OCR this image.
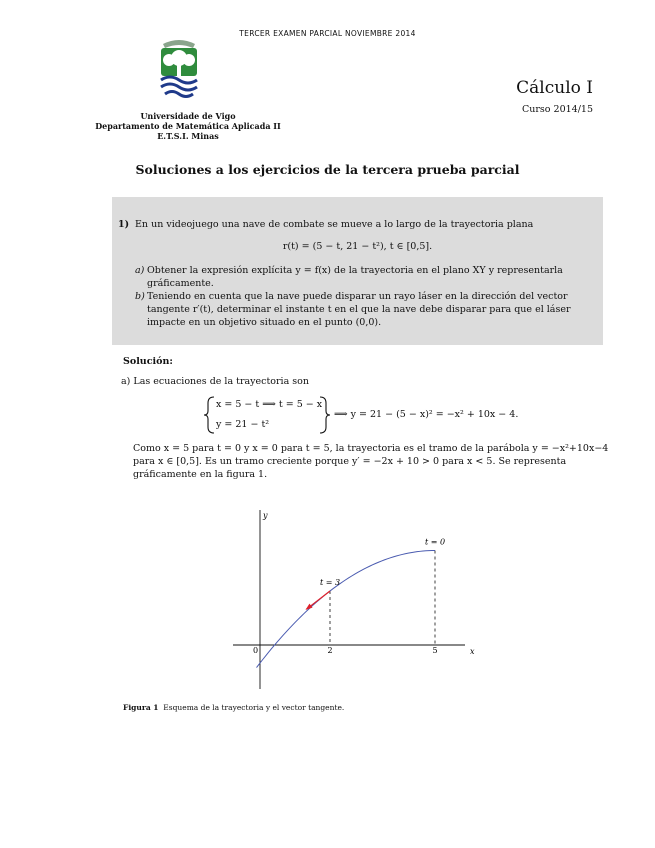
TERCER EXAMEN PARCIAL NOVIEMBRE 2014
Universidade de Vigo
Departamento de Matemática Aplicada II
E.T.S.I. Minas
Cálculo I
Curso 2014/15
Soluciones a los ejercicios de la tercera prueba parcial
1) En un videojuego una nave de combate se mueve a lo largo de la trayectoria plana
r(t) = (5 − t, 21 − t²), t ∈ [0,5].
a) Obtener la expresión explícita y = f(x) de la trayectoria en el plano XY y representarla
gráficamente.
b) Teniendo en cuenta que la nave puede disparar un rayo láser en la dirección del vector
tangente r′(t), determinar el instante t en el que la nave debe disparar para que el láser
impacte en un objetivo situado en el punto (0,0).
Solución:
a) Las ecuaciones de la trayectoria son
x = 5 − t ⟹ t = 5 − x
y = 21 − t²
⟹ y = 21 − (5 − x)² = −x² + 10x − 4.
Como x = 5 para t = 0 y x = 0 para t = 5, la trayectoria es el tramo de la parábola y = −x²+10x−4
para x ∈ [0,5]. Es un tramo creciente porque y′ = −2x + 10 > 0 para x < 5. Se representa
gráficamente en la figura 1.
y
x
0	2	5
t = 3
t = 0
Figura 1 Esquema de la trayectoria y el vector tangente.
